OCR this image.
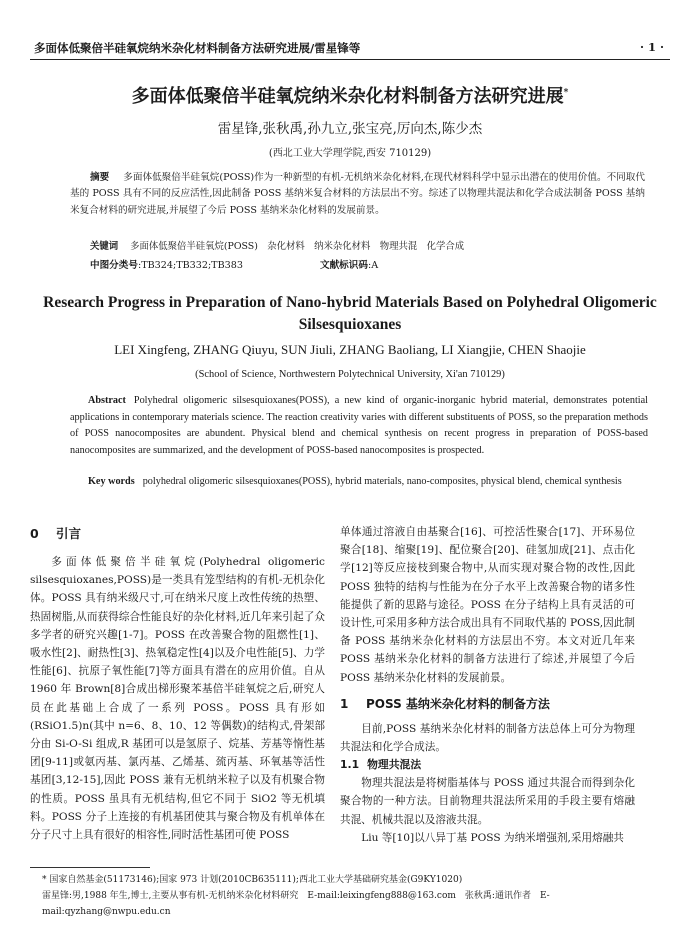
多面体低聚倍半硅氧烷纳米杂化材料制备方法研究进展/雷星锋等	· 1 ·
多面体低聚倍半硅氧烷纳米杂化材料制备方法研究进展*
雷星锋,张秋禹,孙九立,张宝亮,厉向杰,陈少杰
(西北工业大学理学院,西安 710129)
摘要 多面体低聚倍半硅氧烷(POSS)作为一种新型的有机-无机纳米杂化材料,在现代材料科学中显示出潜在的使用价值。不同取代基的 POSS 具有不同的反应活性,因此制备 POSS 基纳米复合材料的方法层出不穷。综述了以物理共混法和化学合成法制备 POSS 基纳米复合材料的研究进展,并展望了今后 POSS 基纳米杂化材料的发展前景。
关键词 多面体低聚倍半硅氧烷(POSS)　杂化材料　纳米杂化材料　物理共混　化学合成
中图分类号:TB324;TB332;TB383	文献标识码:A
Research Progress in Preparation of Nano-hybrid Materials Based on Polyhedral Oligomeric Silsesquioxanes
LEI Xingfeng, ZHANG Qiuyu, SUN Jiuli, ZHANG Baoliang, LI Xiangjie, CHEN Shaojie
(School of Science, Northwestern Polytechnical University, Xi'an 710129)
Abstract Polyhedral oligomeric silsesquioxanes(POSS), a new kind of organic-inorganic hybrid material, demonstrates potential applications in contemporary materials science. The reaction creativity varies with different substituents of POSS, so the preparation methods of POSS nanocomposites are abundent. Physical blend and chemical synthesis on recent progress in preparation of POSS-based nanocomposites are summarized, and the development of POSS-based nanocomposites is prospected.
Key words polyhedral oligomeric silsesquioxanes(POSS), hybrid materials, nano-composites, physical blend, chemical synthesis
0 引言

多面体低聚倍半硅氧烷(Polyhedral oligomeric silsesquioxanes,POSS)是一类具有笼型结构的有机-无机杂化体。POSS 具有纳米级尺寸,可在纳米尺度上改性传统的热塑、热固树脂,从而获得综合性能良好的杂化材料,近几年来引起了众多学者的研究兴趣[1-7]。POSS 在改善聚合物的阻燃性[1]、吸水性[2]、耐热性[3]、热氧稳定性[4]以及介电性能[5]、力学性能[6]、抗原子氧性能[7]等方面具有潜在的应用价值。自从 1960 年 Brown[8]合成出梯形聚苯基倍半硅氧烷之后,研究人员在此基础上合成了一系列 POSS。POSS 具有形如(RSiO1.5)n(其中 n=6、8、10、12 等偶数)的结构式,骨架部分由 Si-O-Si 组成,R 基团可以是氢原子、烷基、芳基等惰性基团[9-11]或氨丙基、氯丙基、乙烯基、巯丙基、环氧基等活性基团[3,12-15],因此 POSS 兼有无机纳米粒子以及有机聚合物的性质。POSS 虽具有无机结构,但它不同于 SiO2 等无机填料。POSS 分子上连接的有机基团使其与聚合物及有机单体在分子尺寸上具有很好的相容性,同时活性基团可使 POSS

单体通过溶液自由基聚合[16]、可控活性聚合[17]、开环易位聚合[18]、缩聚[19]、配位聚合[20]、硅氢加成[21]、点击化学[12]等反应接枝到聚合物中,从而实现对聚合物的改性,因此 POSS 独特的结构与性能为在分子水平上改善聚合物的诸多性能提供了新的思路与途径。POSS 在分子结构上具有灵活的可设计性,可采用多种方法合成出具有不同取代基的 POSS,因此制备 POSS 基纳米杂化材料的方法层出不穷。本文对近几年来 POSS 基纳米杂化材料的制备方法进行了综述,并展望了今后 POSS 基纳米杂化材料的发展前景。

1 POSS 基纳米杂化材料的制备方法

目前,POSS 基纳米杂化材料的制备方法总体上可分为物理共混法和化学合成法。

1.1 物理共混法

物理共混法是将树脂基体与 POSS 通过共混合而得到杂化聚合物的一种方法。目前物理共混法所采用的手段主要有熔融共混、机械共混以及溶液共混。

Liu 等[10]以八异丁基 POSS 为纳米增强剂,采用熔融共

* 国家自然基金(51173146);国家 973 计划(2010CB635111);西北工业大学基础研究基金(G9KY1020)
雷星锋:男,1988 年生,博士,主要从事有机-无机纳米杂化材料研究　E-mail:leixingfeng888@163.com　张秋禹:通讯作者　E-mail:qyzhang@nwpu.edu.cn
